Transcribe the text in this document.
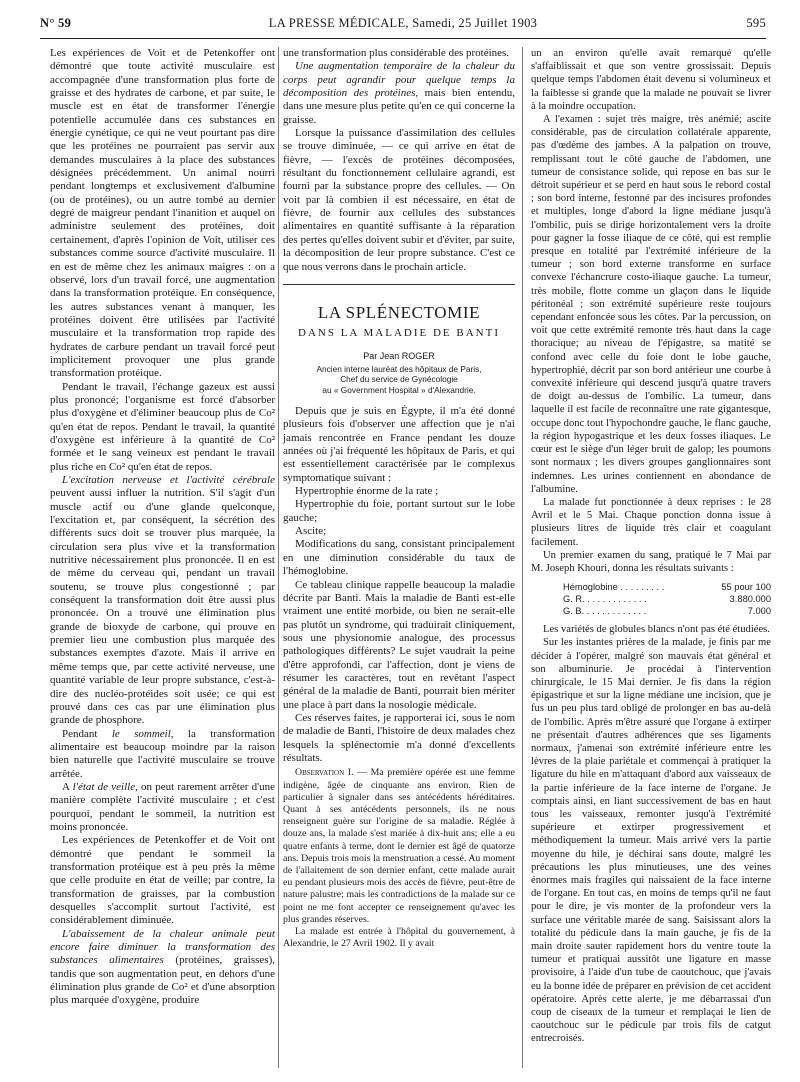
N° 59	LA PRESSE MÉDICALE, Samedi, 25 Juillet 1903	595

Les expériences de Voit et de Petenkoffer ont démontré que toute activité musculaire est accompagnée d'une transformation plus forte de graisse et des hydrates de carbone, et par suite, le muscle est en état de transformer l'énergie potentielle accumulée dans ces substances en énergie cynétique, ce qui ne veut pourtant pas dire que les protéines ne pourraient pas servir aux demandes musculaires à la place des substances désignées précédemment. Un animal nourri pendant longtemps et exclusivement d'albumine (ou de protéines), ou un autre tombé au dernier degré de maigreur pendant l'inanition et auquel on administre seulement des protéines, doit certainement, d'après l'opinion de Voit, utiliser ces substances comme source d'activité musculaire. Il en est de même chez les animaux maigres : on a observé, lors d'un travail forcé, une augmentation dans la transformation protéique. En conséquence, les autres substances venant à manquer, les protéines doivent être utilisées par l'activité musculaire et la transformation trop rapide des hydrates de carbure pendant un travail forcé peut implicitement provoquer une plus grande transformation protéique.

Pendant le travail, l'échange gazeux est aussi plus prononcé; l'organisme est forcé d'absorber plus d'oxygène et d'éliminer beaucoup plus de Co² qu'en état de repos. Pendant le travail, la quantité d'oxygène est inférieure à la quantité de Co² formée et le sang veineux est pendant le travail plus riche en Co² qu'en état de repos.

L'excitation nerveuse et l'activité cérébrale peuvent aussi influer la nutrition. S'il s'agit d'un muscle actif ou d'une glande quelconque, l'excitation et, par conséquent, la sécrétion des différents sucs doit se trouver plus marquée, la circulation sera plus vive et la transformation nutritive nécessairement plus prononcée. Il en est de même du cerveau qui, pendant un travail soutenu, se trouve plus congestionné ; par conséquent la transformation doit être aussi plus prononcée. On a trouvé une élimination plus grande de bioxyde de carbone, qui prouve en premier lieu une combustion plus marquée des substances exemptes d'azote. Mais il arrive en même temps que, par cette activité nerveuse, une quantité variable de leur propre substance, c'est-à-dire des nucléo-protéides soit usée; ce qui est prouvé dans ces cas par une élimination plus grande de phosphore.

Pendant le sommeil, la transformation alimentaire est beaucoup moindre par la raison bien naturelle que l'activité musculaire se trouve arrêtée.

A l'état de veille, on peut rarement arrêter d'une manière complète l'activité musculaire ; et c'est pourquoi, pendant le sommeil, la nutrition est moins prononcée.

Les expériences de Petenkoffer et de Voit ont démontré que pendant le sommeil la transformation protéique est à peu près la même que celle produite en état de veille; par contre, la transformation de graisses, par la combustion desquelles s'accomplit surtout l'activité, est considérablement diminuée.

L'abaissement de la chaleur animale peut encore faire diminuer la transformation des substances alimentaires (protéines, graisses), tandis que son augmentation peut, en dehors d'une élimination plus grande de Co² et d'une absorption plus marquée d'oxygène, produire

une transformation plus considérable des protéines.

Une augmentation temporaire de la chaleur du corps peut agrandir pour quelque temps la décomposition des protéines, mais bien entendu, dans une mesure plus petite qu'en ce qui concerne la graisse.

Lorsque la puissance d'assimilation des cellules se trouve diminuée, — ce qui arrive en état de fièvre, — l'excès de protéines décomposées, résultant du fonctionnement cellulaire agrandi, est fourni par la substance propre des cellules. — On voit par là combien il est nécessaire, en état de fièvre, de fournir aux cellules des substances alimentaires en quantité suffisante à la réparation des pertes qu'elles doivent subir et d'éviter, par suite, la décomposition de leur propre substance. C'est ce que nous verrons dans le prochain article.

LA SPLÉNECTOMIE
DANS LA MALADIE DE BANTI
Par Jean ROGER
Ancien interne lauréat des hôpitaux de Paris,
Chef du service de Gynécologie
au « Government Hospital » d'Alexandrie.

Depuis que je suis en Égypte, il m'a été donné plusieurs fois d'observer une affection que je n'ai jamais rencontrée en France pendant les douze années où j'ai fréquenté les hôpitaux de Paris, et qui est essentiellement caractérisée par le complexus symptomatique suivant :

Hypertrophie énorme de la rate ;
Hypertrophie du foie, portant surtout sur le lobe gauche;
Ascite;
Modifications du sang, consistant principalement en une diminution considérable du taux de l'hémoglobine.

Ce tableau clinique rappelle beaucoup la maladie décrite par Banti. Mais la maladie de Banti est-elle vraiment une entité morbide, ou bien ne serait-elle pas plutôt un syndrome, qui traduirait cliniquement, sous une physionomie analogue, des processus pathologiques différents? Le sujet vaudrait la peine d'être approfondi, car l'affection, dont je viens de résumer les caractères, tout en revêtant l'aspect général de la maladie de Banti, pourrait bien mériter une place à part dans la nosologie médicale.

Ces réserves faites, je rapporterai ici, sous le nom de maladie de Banti, l'histoire de deux malades chez lesquels la splénectomie m'a donné d'excellents résultats.

Observation I. — Ma première opérée est une femme indigène, âgée de cinquante ans environ. Rien de particulier à signaler dans ses antécédents héréditaires. Quant à ses antécédents personnels, ils ne nous renseignent guère sur l'origine de sa maladie. Réglée à douze ans, la malade s'est mariée à dix-huit ans; elle a eu quatre enfants à terme, dont le dernier est âgé de quatorze ans. Depuis trois mois la menstruation a cessé. Au moment de l'allaitement de son dernier enfant, cette malade aurait eu pendant plusieurs mois des accès de fièvre, peut-être de nature palustre; mais les contradictions de la malade sur ce point ne me font accepter ce renseignement qu'avec les plus grandes réserves.

La malade est entrée à l'hôpital du gouvernement, à Alexandrie, le 27 Avril 1902. Il y avait

un an environ qu'elle avait remarqué qu'elle s'affaiblissait et que son ventre grossissait. Depuis quelque temps l'abdomen était devenu si volumineux et la faiblesse si grande que la malade ne pouvait se livrer à la moindre occupation.

A l'examen : sujet très maigre, très anémié; ascite considérable, pas de circulation collatérale apparente, pas d'œdème des jambes. A la palpation on trouve, remplissant tout le côté gauche de l'abdomen, une tumeur de consistance solide, qui repose en bas sur le détroit supérieur et se perd en haut sous le rebord costal ; son bord interne, festonné par des incisures profondes et multiples, longe d'abord la ligne médiane jusqu'à l'ombilic, puis se dirige horizontalement vers la droite pour gagner la fosse iliaque de ce côté, qui est remplie presque en totalité par l'extrémité inférieure de la tumeur ; son bord externe transforme en surface convexe l'échancrure costo-iliaque gauche. La tumeur, très mobile, flotte comme un glaçon dans le liquide péritonéal ; son extrémité supérieure reste toujours cependant enfoncée sous les côtes. Par la percussion, on voit que cette extrémité remonte très haut dans la cage thoracique; au niveau de l'épigastre, sa matité se confond avec celle du foie dont le lobe gauche, hypertrophié, décrit par son bord antérieur une courbe à convexité inférieure qui descend jusqu'à quatre travers de doigt au-dessus de l'ombilic. La tumeur, dans laquelle il est facile de reconnaître une rate gigantesque, occupe donc tout l'hypochondre gauche, le flanc gauche, la région hypogastrique et les deux fosses iliaques. Le cœur est le siège d'un léger bruit de galop; les poumons sont normaux ; les divers groupes ganglionnaires sont indemnes. Les urines contiennent en abondance de l'albumine.

La malade fut ponctionnée à deux reprises : le 28 Avril et le 5 Mai. Chaque ponction donna issue à plusieurs litres de liquide très clair et coagulant facilement.

Un premier examen du sang, pratiqué le 7 Mai par M. Joseph Khouri, donna les résultats suivants :

Hémoglobine . . . . . . . . .	55 pour 100
G. R. . . . . . . . . . . . .	3.880.000
G. B. . . . . . . . . . . . .	7.000

Les variétés de globules blancs n'ont pas été étudiées.

Sur les instantes prières de la malade, je finis par me décider à l'opérer, malgré son mauvais état général et son albuminurie. Je procédai à l'intervention chirurgicale, le 15 Mai dernier. Je fis dans la région épigastrique et sur la ligne médiane une incision, que je fus un peu plus tard obligé de prolonger en bas au-delà de l'ombilic. Après m'être assuré que l'organe à extirper ne présentait d'autres adhérences que ses ligaments normaux, j'amenai son extrémité inférieure entre les lèvres de la plaie pariétale et commençai à pratiquer la ligature du hile en m'attaquant d'abord aux vaisseaux de la partie inférieure de la face interne de l'organe. Je comptais ainsi, en liant successivement de bas en haut tous les vaisseaux, remonter jusqu'à l'extrémité supérieure et extirper progressivement et méthodiquement la tumeur. Mais arrivé vers la partie moyenne du hile, je déchirai sans doute, malgré les précautions les plus minutieuses, une des veines énormes mais fragiles qui naissaient de la face interne de l'organe. En tout cas, en moins de temps qu'il ne faut pour le dire, je vis monter de la profondeur vers la surface une véritable marée de sang. Saisissant alors la totalité du pédicule dans la main gauche, je fis de la main droite sauter rapidement hors du ventre toute la tumeur et pratiquai aussitôt une ligature en masse provisoire, à l'aide d'un tube de caoutchouc, que j'avais eu la bonne idée de préparer en prévision de cet accident opératoire. Après cette alerte, je me débarrassai d'un coup de ciseaux de la tumeur et remplaçai le lien de caoutchouc sur le pédicule par trois fils de catgut entrecroisés.
